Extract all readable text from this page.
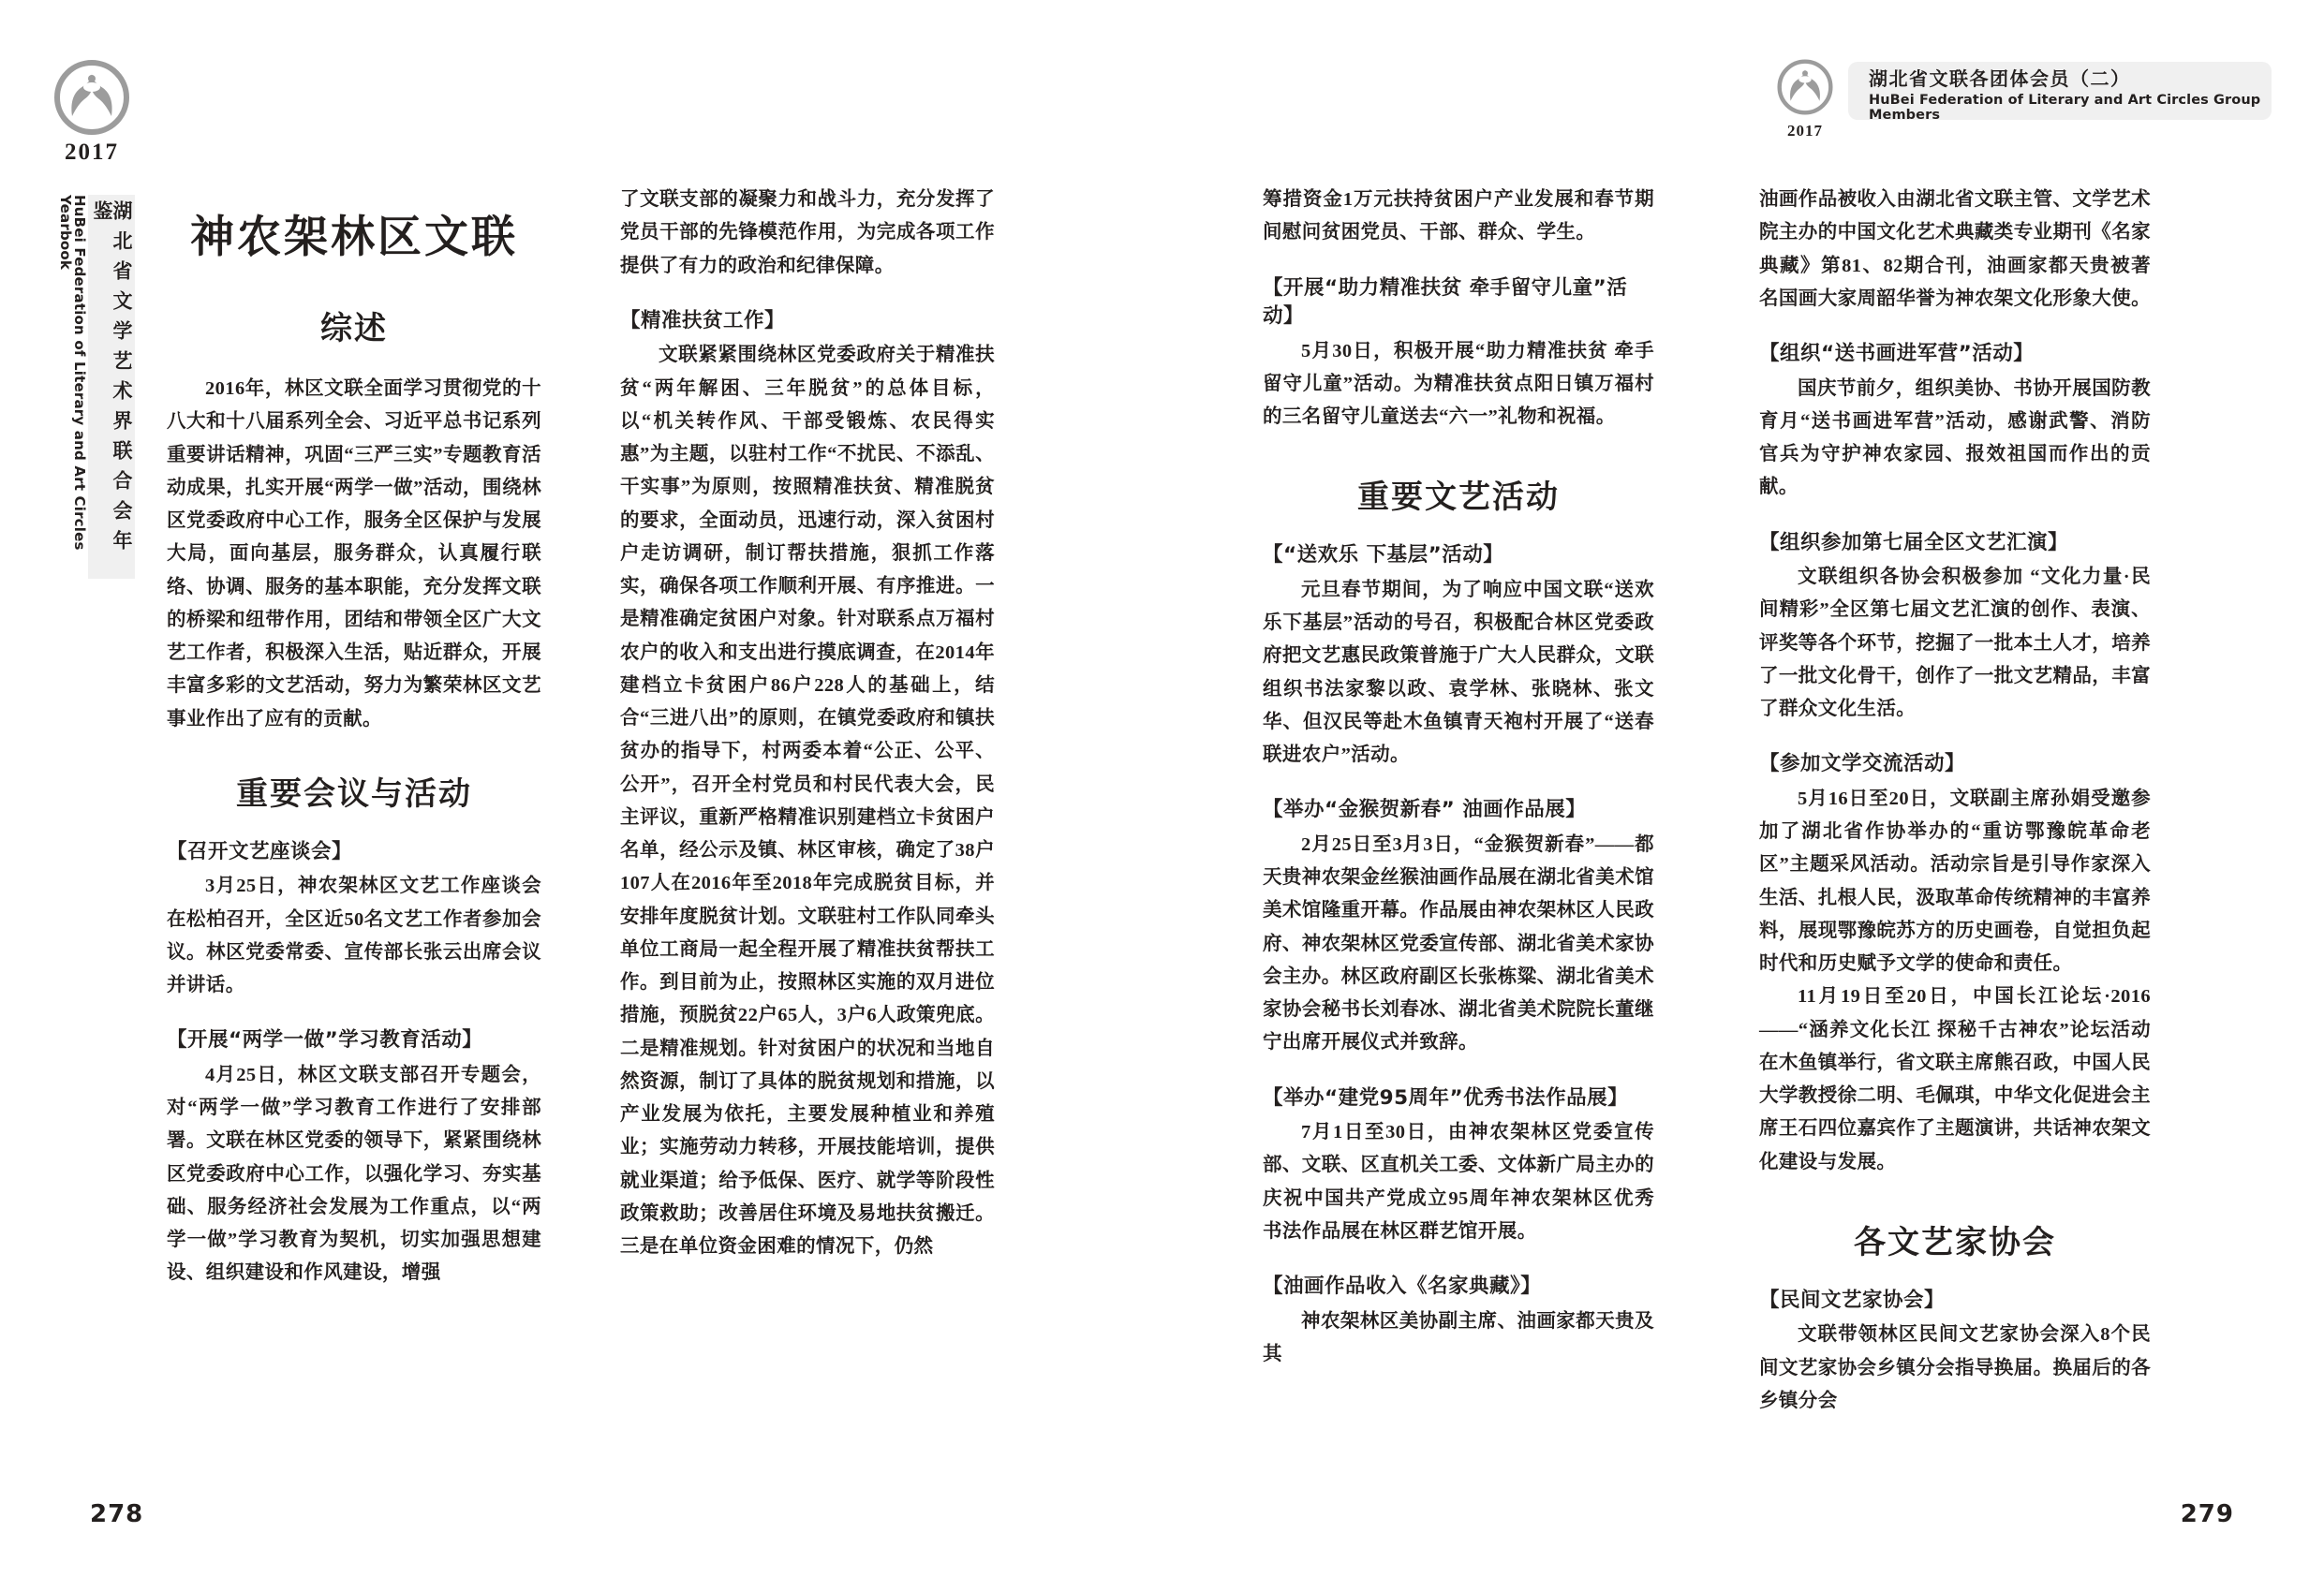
2017
湖北省文学艺术界联合会年鉴
HuBei Federation of Literary and Art Circles Yearbook
2017
湖北省文联各团体会员（二）
HuBei Federation of Literary and Art Circles Group Members
神农架林区文联
综述

2016年，林区文联全面学习贯彻党的十八大和十八届系列全会、习近平总书记系列重要讲话精神，巩固“三严三实”专题教育活动成果，扎实开展“两学一做”活动，围绕林区党委政府中心工作，服务全区保护与发展大局，面向基层，服务群众，认真履行联络、协调、服务的基本职能，充分发挥文联的桥梁和纽带作用，团结和带领全区广大文艺工作者，积极深入生活，贴近群众，开展丰富多彩的文艺活动，努力为繁荣林区文艺事业作出了应有的贡献。

重要会议与活动
【召开文艺座谈会】

3月25日，神农架林区文艺工作座谈会在松柏召开，全区近50名文艺工作者参加会议。林区党委常委、宣传部长张云出席会议并讲话。

【开展“两学一做”学习教育活动】

4月25日，林区文联支部召开专题会，对“两学一做”学习教育工作进行了安排部署。文联在林区党委的领导下，紧紧围绕林区党委政府中心工作，以强化学习、夯实基础、服务经济社会发展为工作重点，以“两学一做”学习教育为契机，切实加强思想建设、组织建设和作风建设，增强

了文联支部的凝聚力和战斗力，充分发挥了党员干部的先锋模范作用，为完成各项工作提供了有力的政治和纪律保障。

【精准扶贫工作】

文联紧紧围绕林区党委政府关于精准扶贫“两年解困、三年脱贫”的总体目标，以“机关转作风、干部受锻炼、农民得实惠”为主题，以驻村工作“不扰民、不添乱、干实事”为原则，按照精准扶贫、精准脱贫的要求，全面动员，迅速行动，深入贫困村户走访调研，制订帮扶措施，狠抓工作落实，确保各项工作顺利开展、有序推进。一是精准确定贫困户对象。针对联系点万福村农户的收入和支出进行摸底调查，在2014年建档立卡贫困户86户228人的基础上，结合“三进八出”的原则，在镇党委政府和镇扶贫办的指导下，村两委本着“公正、公平、公开”，召开全村党员和村民代表大会，民主评议，重新严格精准识别建档立卡贫困户名单，经公示及镇、林区审核，确定了38户107人在2016年至2018年完成脱贫目标，并安排年度脱贫计划。文联驻村工作队同牵头单位工商局一起全程开展了精准扶贫帮扶工作。到目前为止，按照林区实施的双月进位措施，预脱贫22户65人，3户6人政策兜底。二是精准规划。针对贫困户的状况和当地自然资源，制订了具体的脱贫规划和措施，以产业发展为依托，主要发展种植业和养殖业；实施劳动力转移，开展技能培训，提供就业渠道；给予低保、医疗、就学等阶段性政策救助；改善居住环境及易地扶贫搬迁。三是在单位资金困难的情况下，仍然

筹措资金1万元扶持贫困户产业发展和春节期间慰问贫困党员、干部、群众、学生。

【开展“助力精准扶贫 牵手留守儿童”活动】

5月30日，积极开展“助力精准扶贫 牵手留守儿童”活动。为精准扶贫点阳日镇万福村的三名留守儿童送去“六一”礼物和祝福。

重要文艺活动
【“送欢乐 下基层”活动】

元旦春节期间，为了响应中国文联“送欢乐下基层”活动的号召，积极配合林区党委政府把文艺惠民政策普施于广大人民群众，文联组织书法家黎以政、袁学林、张晓林、张文华、但汉民等赴木鱼镇青天袍村开展了“送春联进农户”活动。

【举办“金猴贺新春” 油画作品展】

2月25日至3月3日，“金猴贺新春”——都天贵神农架金丝猴油画作品展在湖北省美术馆美术馆隆重开幕。作品展由神农架林区人民政府、神农架林区党委宣传部、湖北省美术家协会主办。林区政府副区长张栋粱、湖北省美术家协会秘书长刘春冰、湖北省美术院院长董继宁出席开展仪式并致辞。

【举办“建党95周年”优秀书法作品展】

7月1日至30日，由神农架林区党委宣传部、文联、区直机关工委、文体新广局主办的庆祝中国共产党成立95周年神农架林区优秀书法作品展在林区群艺馆开展。

【油画作品收入《名家典藏》】

神农架林区美协副主席、油画家都天贵及其

油画作品被收入由湖北省文联主管、文学艺术院主办的中国文化艺术典藏类专业期刊《名家典藏》第81、82期合刊，油画家都天贵被著名国画大家周韶华誉为神农架文化形象大使。

【组织“送书画进军营”活动】

国庆节前夕，组织美协、书协开展国防教育月“送书画进军营”活动，感谢武警、消防官兵为守护神农家园、报效祖国而作出的贡献。

【组织参加第七届全区文艺汇演】

文联组织各协会积极参加 “文化力量·民间精彩”全区第七届文艺汇演的创作、表演、评奖等各个环节，挖掘了一批本土人才，培养了一批文化骨干，创作了一批文艺精品，丰富了群众文化生活。

【参加文学交流活动】

5月16日至20日，文联副主席孙娟受邀参加了湖北省作协举办的“重访鄂豫皖革命老区”主题采风活动。活动宗旨是引导作家深入生活、扎根人民，汲取革命传统精神的丰富养料，展现鄂豫皖苏方的历史画卷，自觉担负起时代和历史赋予文学的使命和责任。

11月19日至20日，中国长江论坛·2016——“涵养文化长江 探秘千古神农”论坛活动在木鱼镇举行，省文联主席熊召政，中国人民大学教授徐二明、毛佩琪，中华文化促进会主席王石四位嘉宾作了主题演讲，共话神农架文化建设与发展。

各文艺家协会
【民间文艺家协会】

文联带领林区民间文艺家协会深入8个民间文艺家协会乡镇分会指导换届。换届后的各乡镇分会

278	279
